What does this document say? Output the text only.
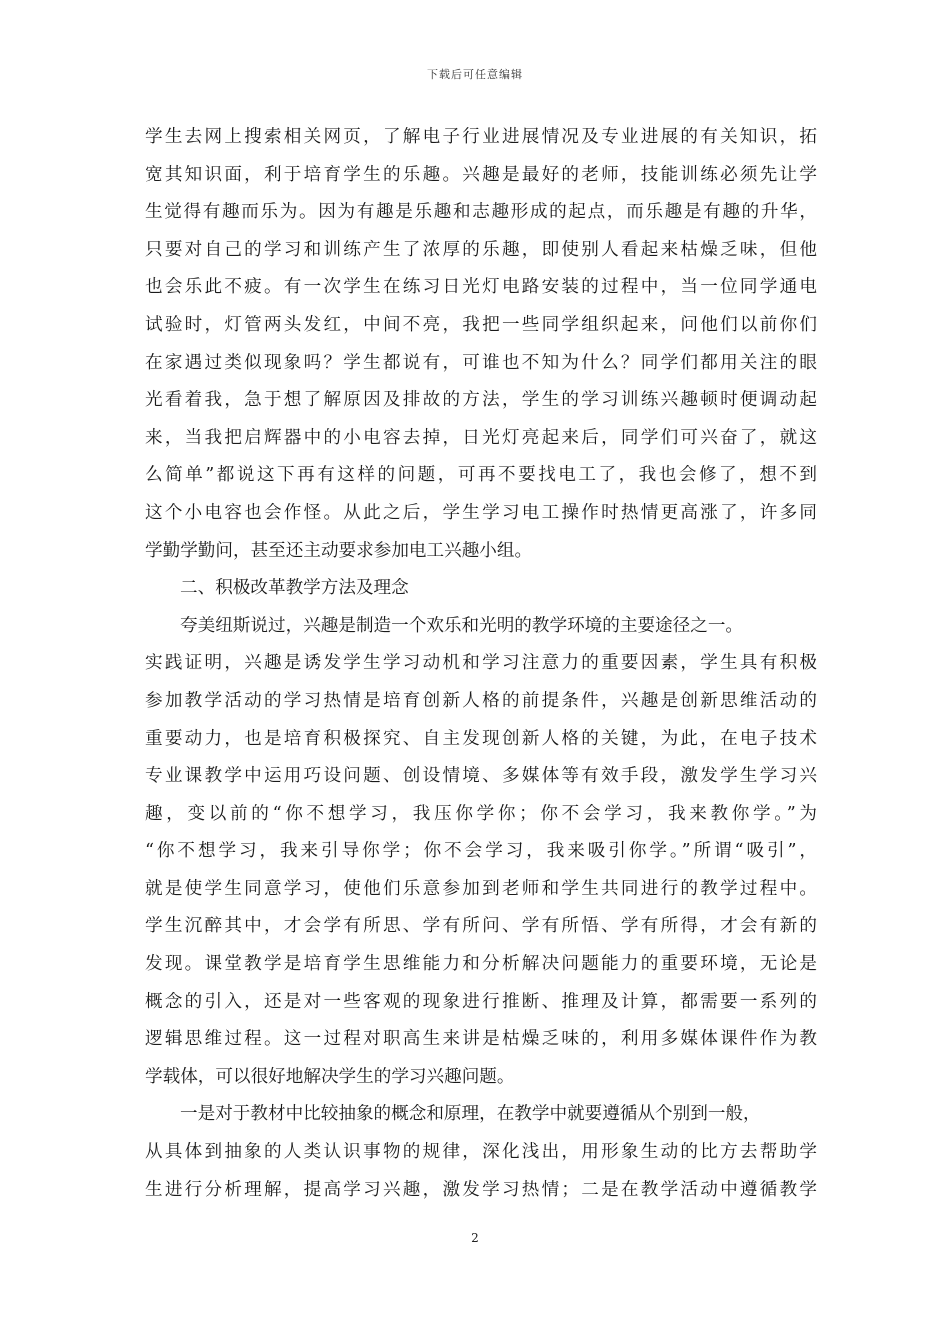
下载后可任意编辑
学生去网上搜索相关网页，了解电子行业进展情况及专业进展的有关知识，拓
宽其知识面，利于培育学生的乐趣。兴趣是最好的老师，技能训练必须先让学
生觉得有趣而乐为。因为有趣是乐趣和志趣形成的起点，而乐趣是有趣的升华，
只要对自己的学习和训练产生了浓厚的乐趣，即使别人看起来枯燥乏味，但他
也会乐此不疲。有一次学生在练习日光灯电路安装的过程中，当一位同学通电
试验时，灯管两头发红，中间不亮，我把一些同学组织起来，问他们以前你们
在家遇过类似现象吗？学生都说有，可谁也不知为什么？同学们都用关注的眼
光看着我，急于想了解原因及排故的方法，学生的学习训练兴趣顿时便调动起
来，当我把启辉器中的小电容去掉，日光灯亮起来后，同学们可兴奋了，就这
么简单”都说这下再有这样的问题，可再不要找电工了，我也会修了，想不到
这个小电容也会作怪。从此之后，学生学习电工操作时热情更高涨了，许多同
学勤学勤问，甚至还主动要求参加电工兴趣小组。
二、积极改革教学方法及理念
夸美纽斯说过，兴趣是制造一个欢乐和光明的教学环境的主要途径之一。
实践证明，兴趣是诱发学生学习动机和学习注意力的重要因素，学生具有积极
参加教学活动的学习热情是培育创新人格的前提条件，兴趣是创新思维活动的
重要动力，也是培育积极探究、自主发现创新人格的关键，为此，在电子技术
专业课教学中运用巧设问题、创设情境、多媒体等有效手段，激发学生学习兴
趣，变以前的“你不想学习，我压你学你；你不会学习，我来教你学。”为
“你不想学习，我来引导你学；你不会学习，我来吸引你学。”所谓“吸引”，
就是使学生同意学习，使他们乐意参加到老师和学生共同进行的教学过程中。
学生沉醉其中，才会学有所思、学有所问、学有所悟、学有所得，才会有新的
发现。课堂教学是培育学生思维能力和分析解决问题能力的重要环境，无论是
概念的引入，还是对一些客观的现象进行推断、推理及计算，都需要一系列的
逻辑思维过程。这一过程对职高生来讲是枯燥乏味的，利用多媒体课件作为教
学载体，可以很好地解决学生的学习兴趣问题。
一是对于教材中比较抽象的概念和原理，在教学中就要遵循从个别到一般，
从具体到抽象的人类认识事物的规律，深化浅出，用形象生动的比方去帮助学
生进行分析理解，提高学习兴趣，激发学习热情；二是在教学活动中遵循教学
2
